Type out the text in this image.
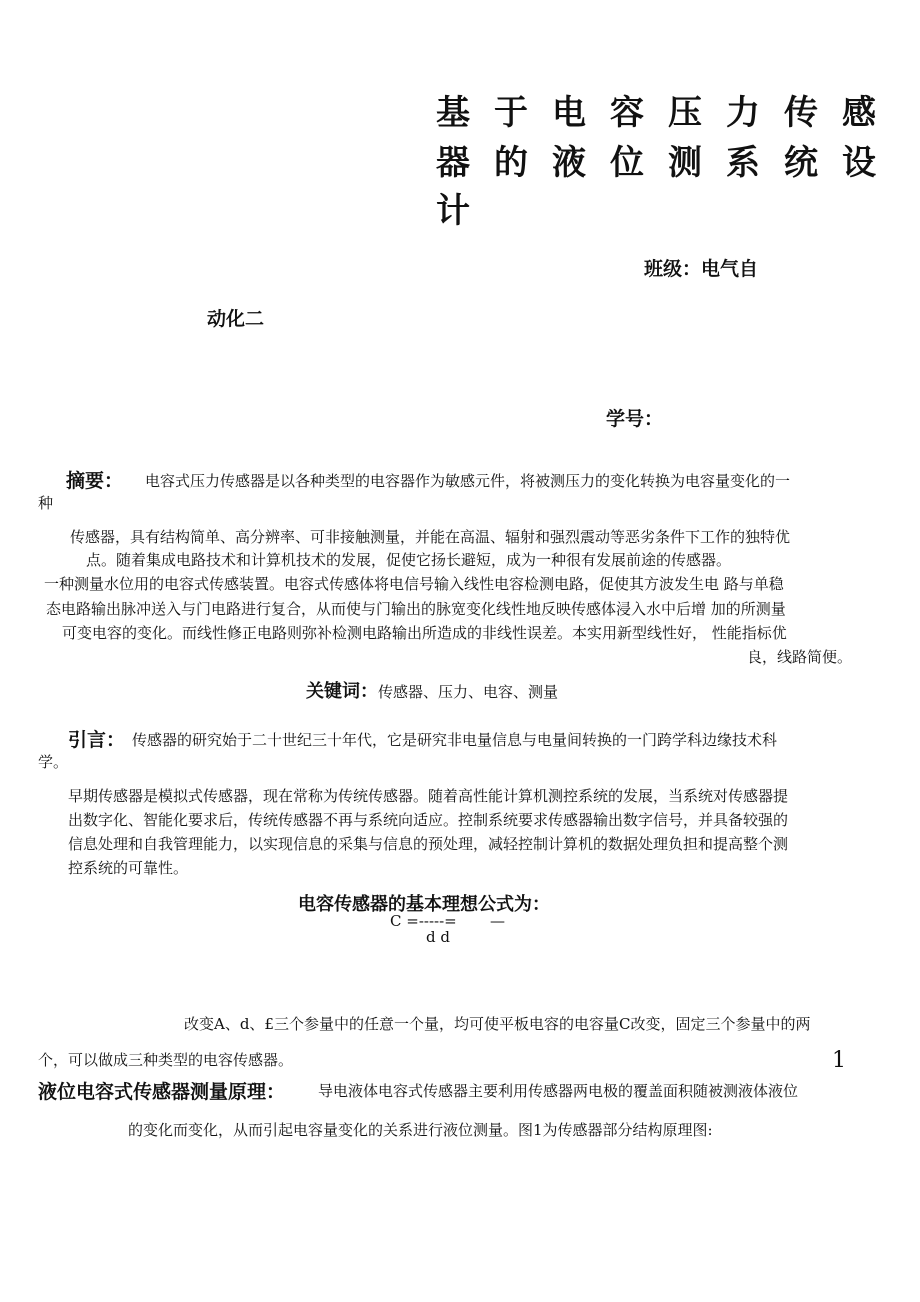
基于电容压力传感
器的液位测系统设
计
班级：电气自
动化二
学号：
摘要： 电容式压力传感器是以各种类型的电容器作为敏感元件，将被测压力的变化转换为电容量变化的一
种
传感器，具有结构简单、高分辨率、可非接触测量，并能在高温、辐射和强烈震动等恶劣条件下工作的独特优
点。随着集成电路技术和计算机技术的发展，促使它扬长避短，成为一种很有发展前途的传感器。
一种测量水位用的电容式传感装置。电容式传感体将电信号输入线性电容检测电路，促使其方波发生电 路与单稳
态电路输出脉冲送入与门电路进行复合，从而使与门输出的脉宽变化线性地反映传感体浸入水中后增 加的所测量
可变电容的变化。而线性修正电路则弥补检测电路输出所造成的非线性误差。本实用新型线性好， 性能指标优
良，线路简便。
关键词：传感器、压力、电容、测量
引言： 传感器的研究始于二十世纪三十年代，它是研究非电量信息与电量间转换的一门跨学科边缘技术科
学。
早期传感器是模拟式传感器，现在常称为传统传感器。随着高性能计算机测控系统的发展，当系统对传感器提
出数字化、智能化要求后，传统传感器不再与系统向适应。控制系统要求传感器输出数字信号，并具备较强的
信息处理和自我管理能力，以实现信息的采集与信息的预处理，减轻控制计算机的数据处理负担和提高整个测
控系统的可靠性。
电容传感器的基本理想公式为：
C =-----= —
d d
改变A、d、£三个参量中的任意一个量，均可使平板电容的电容量C改变，固定三个参量中的两
个，可以做成三种类型的电容传感器。	1
液位电容式传感器测量原理： 导电液体电容式传感器主要利用传感器两电极的覆盖面积随被测液体液位
的变化而变化，从而引起电容量变化的关系进行液位测量。图1为传感器部分结构原理图:
